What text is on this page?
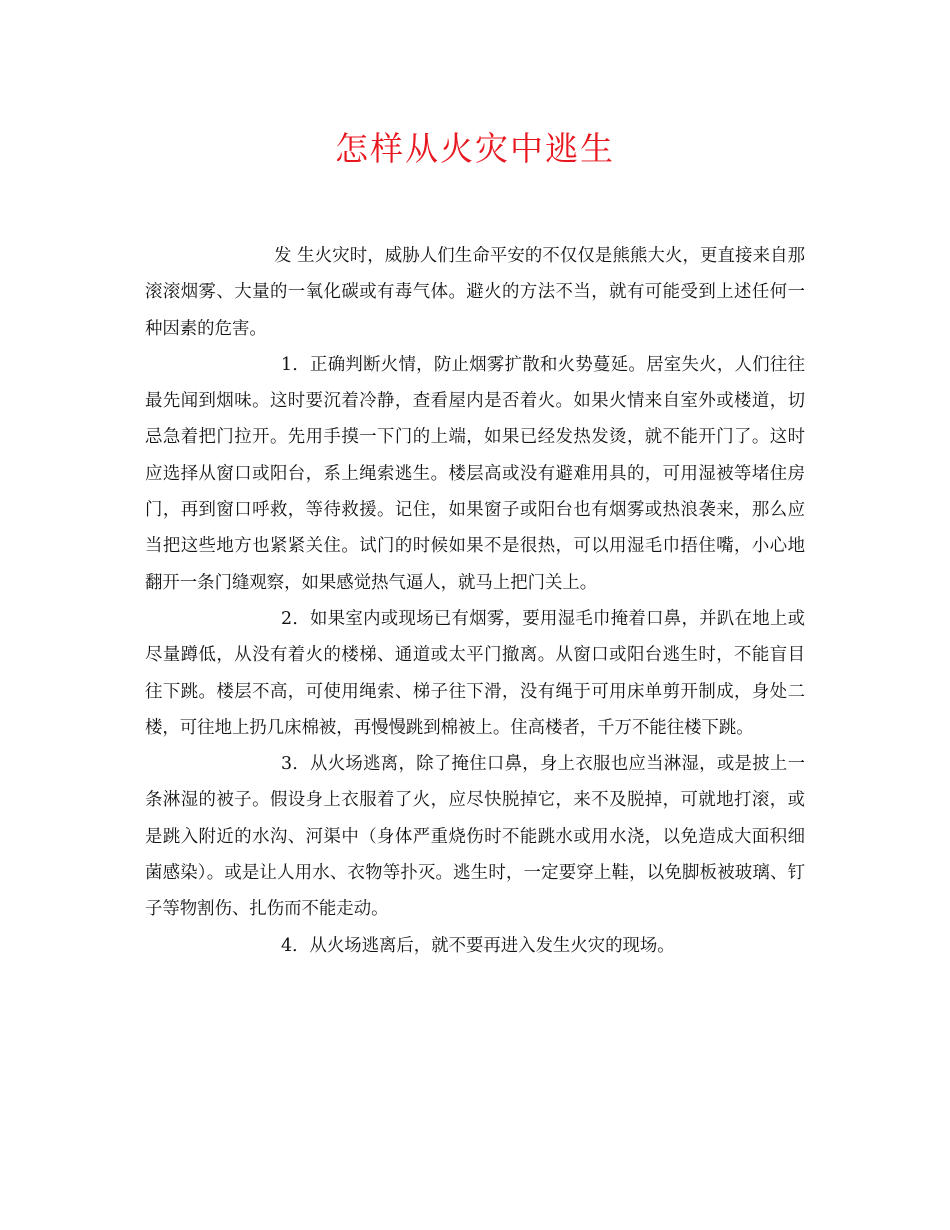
怎样从火灾中逃生

发 生火灾时，威胁人们生命平安的不仅仅是熊熊大火，更直接来自那滚滚烟雾、大量的一氧化碳或有毒气体。避火的方法不当，就有可能受到上述任何一种因素的危害。

1．正确判断火情，防止烟雾扩散和火势蔓延。居室失火，人们往往最先闻到烟味。这时要沉着冷静，查看屋内是否着火。如果火情来自室外或楼道，切忌急着把门拉开。先用手摸一下门的上端，如果已经发热发烫，就不能开门了。这时应选择从窗口或阳台，系上绳索逃生。楼层高或没有避难用具的，可用湿被等堵住房门，再到窗口呼救，等待救援。记住，如果窗子或阳台也有烟雾或热浪袭来，那么应当把这些地方也紧紧关住。试门的时候如果不是很热，可以用湿毛巾捂住嘴，小心地翻开一条门缝观察，如果感觉热气逼人，就马上把门关上。

2．如果室内或现场已有烟雾，要用湿毛巾掩着口鼻，并趴在地上或尽量蹲低，从没有着火的楼梯、通道或太平门撤离。从窗口或阳台逃生时，不能盲目往下跳。楼层不高，可使用绳索、梯子往下滑，没有绳于可用床单剪开制成，身处二楼，可往地上扔几床棉被，再慢慢跳到棉被上。住高楼者，千万不能往楼下跳。

3．从火场逃离，除了掩住口鼻，身上衣服也应当淋湿，或是披上一条淋湿的被子。假设身上衣服着了火，应尽快脱掉它，来不及脱掉，可就地打滚，或是跳入附近的水沟、河渠中（身体严重烧伤时不能跳水或用水浇，以免造成大面积细菌感染）。或是让人用水、衣物等扑灭。逃生时，一定要穿上鞋，以免脚板被玻璃、钉子等物割伤、扎伤而不能走动。

4．从火场逃离后，就不要再进入发生火灾的现场。
